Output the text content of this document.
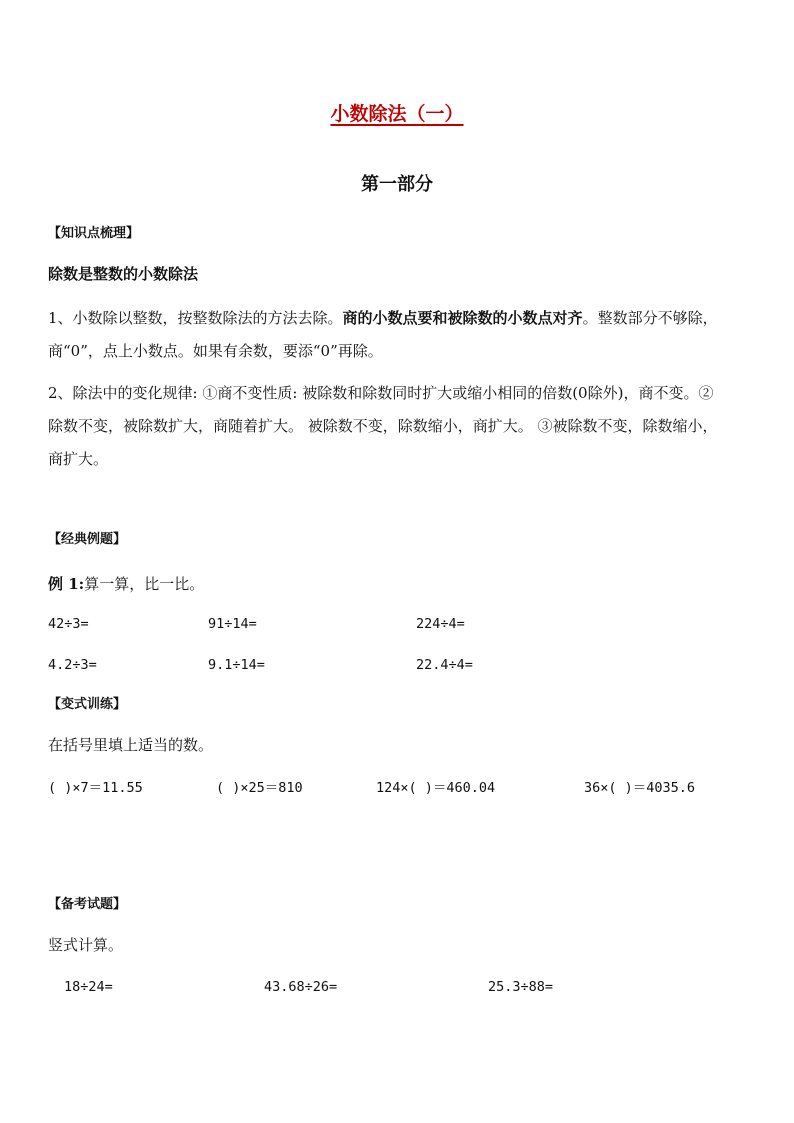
小数除法（一）
第一部分
【知识点梳理】
除数是整数的小数除法
1、小数除以整数，按整数除法的方法去除。商的小数点要和被除数的小数点对齐。整数部分不够除，
商“0”，点上小数点。如果有余数，要添“0”再除。
2、除法中的变化规律: ①商不变性质: 被除数和除数同时扩大或缩小相同的倍数(0除外)，商不变。②
除数不变，被除数扩大，商随着扩大。 被除数不变，除数缩小，商扩大。 ③被除数不变，除数缩小，
商扩大。
【经典例题】
例 1:算一算，比一比。
42÷3=	91÷14=	224÷4=
4.2÷3=	9.1÷14=	22.4÷4=
【变式训练】
在括号里填上适当的数。
( )×7＝11.55	( )×25＝810	124×( )＝460.04	36×( )＝4035.6
【备考试题】
竖式计算。
18÷24=	43.68÷26=	25.3÷88=
